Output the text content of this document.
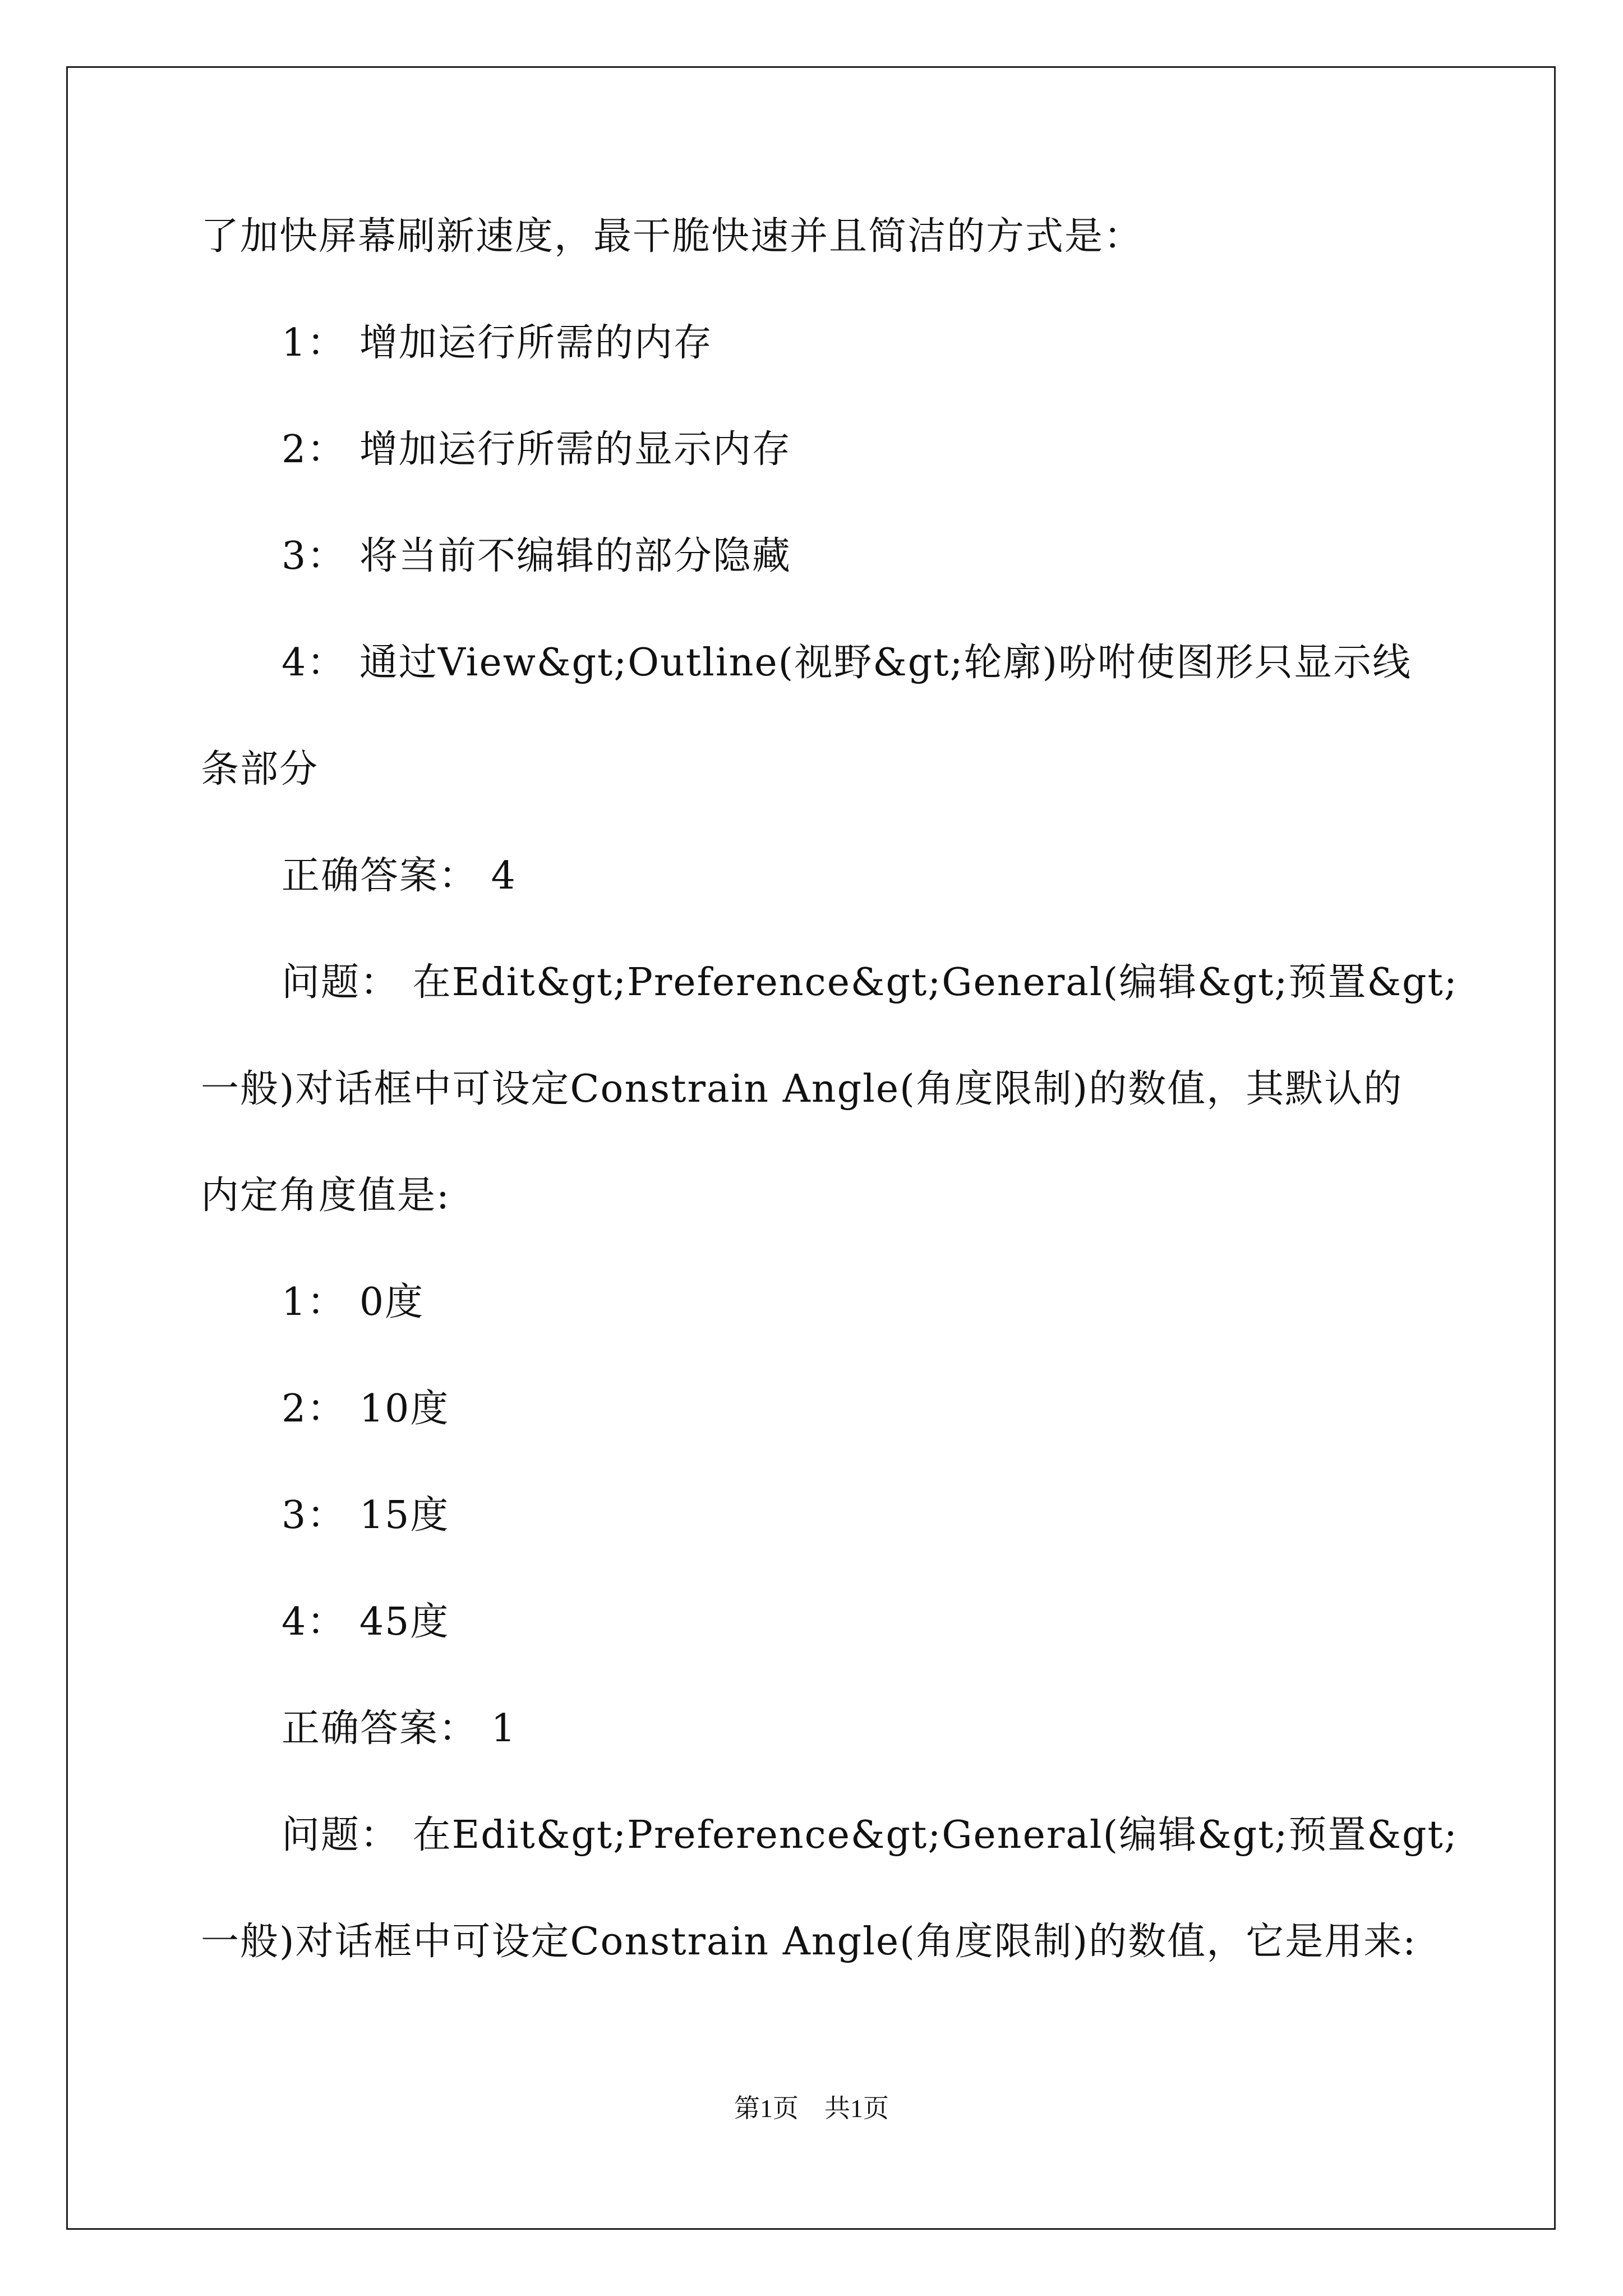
了加快屏幕刷新速度，最干脆快速并且简洁的方式是：
1： 增加运行所需的内存
2： 增加运行所需的显示内存
3： 将当前不编辑的部分隐藏
4： 通过View&gt;Outline(视野&gt;轮廓)吩咐使图形只显示线
条部分
正确答案： 4
问题： 在Edit&gt;Preference&gt;General(编辑&gt;预置&gt;
一般)对话框中可设定Constrain Angle(角度限制)的数值，其默认的
内定角度值是:
1： 0度
2： 10度
3： 15度
4： 45度
正确答案： 1
问题： 在Edit&gt;Preference&gt;General(编辑&gt;预置&gt;
一般)对话框中可设定Constrain Angle(角度限制)的数值，它是用来:
第1页　共1页
